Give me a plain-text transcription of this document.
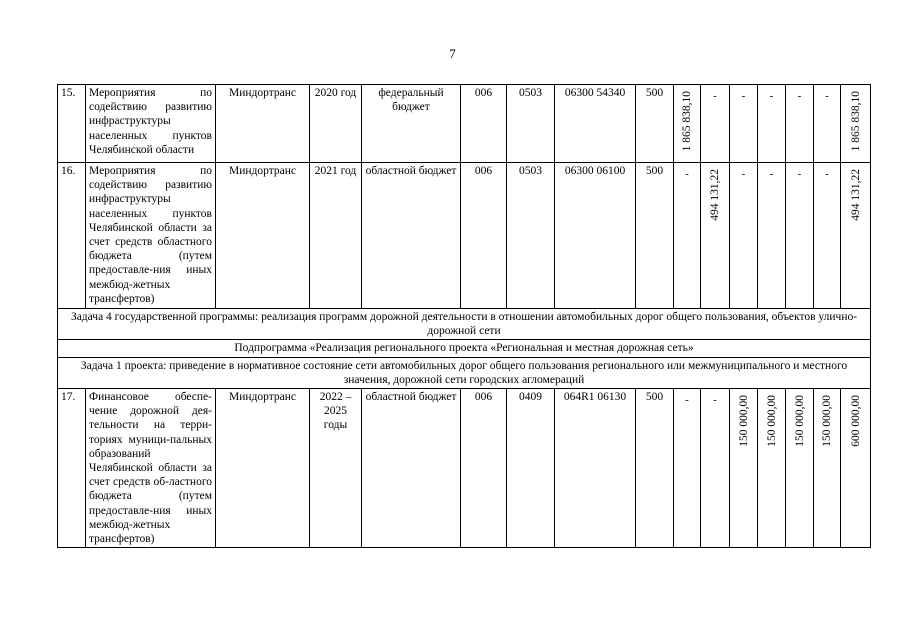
7
15.	Мероприятия по содействию развитию инфраструктуры населенных пунктов Челябинской области	Миндортранс	2020 год	федеральный бюджет	006	0503	06300 54340	500	1 865 838,10	-	-	-	-	-	1 865 838,10

16.	Мероприятия по содействию развитию инфраструктуры населенных пунктов Челябинской области за счет средств областного бюджета (путем предоставле-ния иных межбюд-жетных трансфертов)	Миндортранс	2021 год	областной бюджет	006	0503	06300 06100	500	-	494 131,22	-	-	-	-	494 131,22

Задача 4 государственной программы: реализация программ дорожной деятельности в отношении автомобильных дорог общего пользования, объектов улично-дорожной сети															
Подпрограмма «Реализация регионального проекта «Региональная и местная дорожная сеть»															
Задача 1 проекта: приведение в нормативное состояние сети автомобильных дорог общего пользования регионального или межмуниципального и местного значения, дорожной сети городских агломераций															
17.	Финансовое обеспе-чение дорожной дея-тельности на терри-ториях муници-пальных образований Челябинской области за счет средств об-ластного бюджета (путем предоставле-ния иных межбюд-жетных трансфертов)	Миндортранс	2022 – 2025 годы	областной бюджет	006	0409	064R1 06130	500	-	-	150 000,00	150 000,00	150 000,00	150 000,00	600 000,00
